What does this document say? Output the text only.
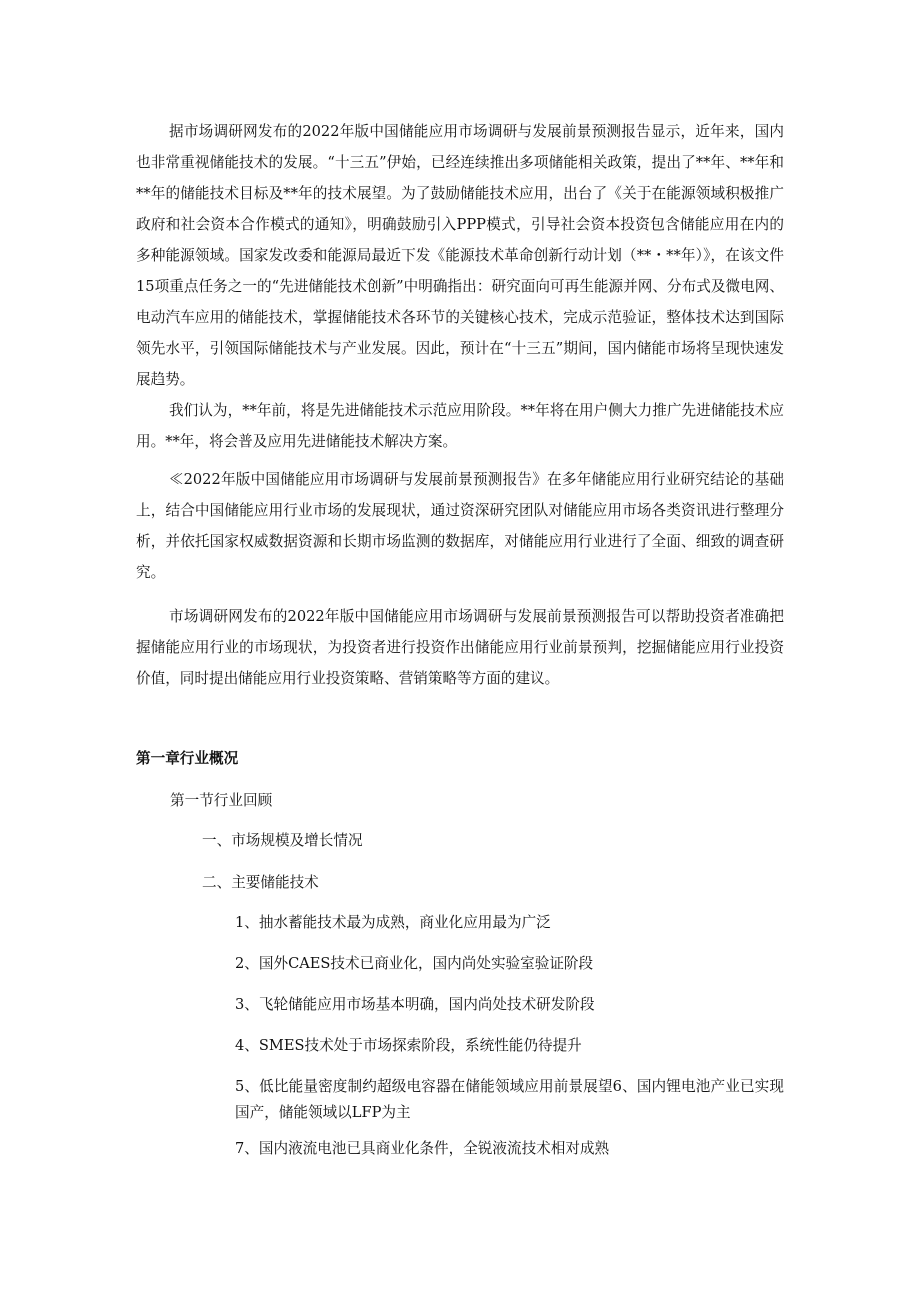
据市场调研网发布的2022年版中国储能应用市场调研与发展前景预测报告显示，近年来，国内也非常重视储能技术的发展。“十三五”伊始，已经连续推出多项储能相关政策，提出了**年、**年和**年的储能技术目标及**年的技术展望。为了鼓励储能技术应用，出台了《关于在能源领域积极推广政府和社会资本合作模式的通知》，明确鼓励引入PPP模式，引导社会资本投资包含储能应用在内的多种能源领域。国家发改委和能源局最近下发《能源技术革命创新行动计划（**・**年）》，在该文件15项重点任务之一的“先进储能技术创新”中明确指出：研究面向可再生能源并网、分布式及微电网、电动汽车应用的储能技术，掌握储能技术各环节的关键核心技术，完成示范验证，整体技术达到国际领先水平，引领国际储能技术与产业发展。因此，预计在“十三五”期间，国内储能市场将呈现快速发展趋势。

我们认为，**年前，将是先进储能技术示范应用阶段。**年将在用户侧大力推广先进储能技术应用。**年，将会普及应用先进储能技术解决方案。

≪2022年版中国储能应用市场调研与发展前景预测报告》在多年储能应用行业研究结论的基础上，结合中国储能应用行业市场的发展现状，通过资深研究团队对储能应用市场各类资讯进行整理分析，并依托国家权威数据资源和长期市场监测的数据库，对储能应用行业进行了全面、细致的调查研究。

市场调研网发布的2022年版中国储能应用市场调研与发展前景预测报告可以帮助投资者准确把握储能应用行业的市场现状，为投资者进行投资作出储能应用行业前景预判，挖掘储能应用行业投资价值，同时提出储能应用行业投资策略、营销策略等方面的建议。

第一章行业概况

第一节行业回顾

一、市场规模及增长情况

二、主要储能技术

1、抽水蓄能技术最为成熟，商业化应用最为广泛

2、国外CAES技术已商业化，国内尚处实验室验证阶段

3、飞轮储能应用市场基本明确，国内尚处技术研发阶段

4、SMES技术处于市场探索阶段，系统性能仍待提升

5、低比能量密度制约超级电容器在储能领域应用前景展望6、国内锂电池产业已实现国产，储能领域以LFP为主

7、国内液流电池已具商业化条件，全锐液流技术相对成熟
